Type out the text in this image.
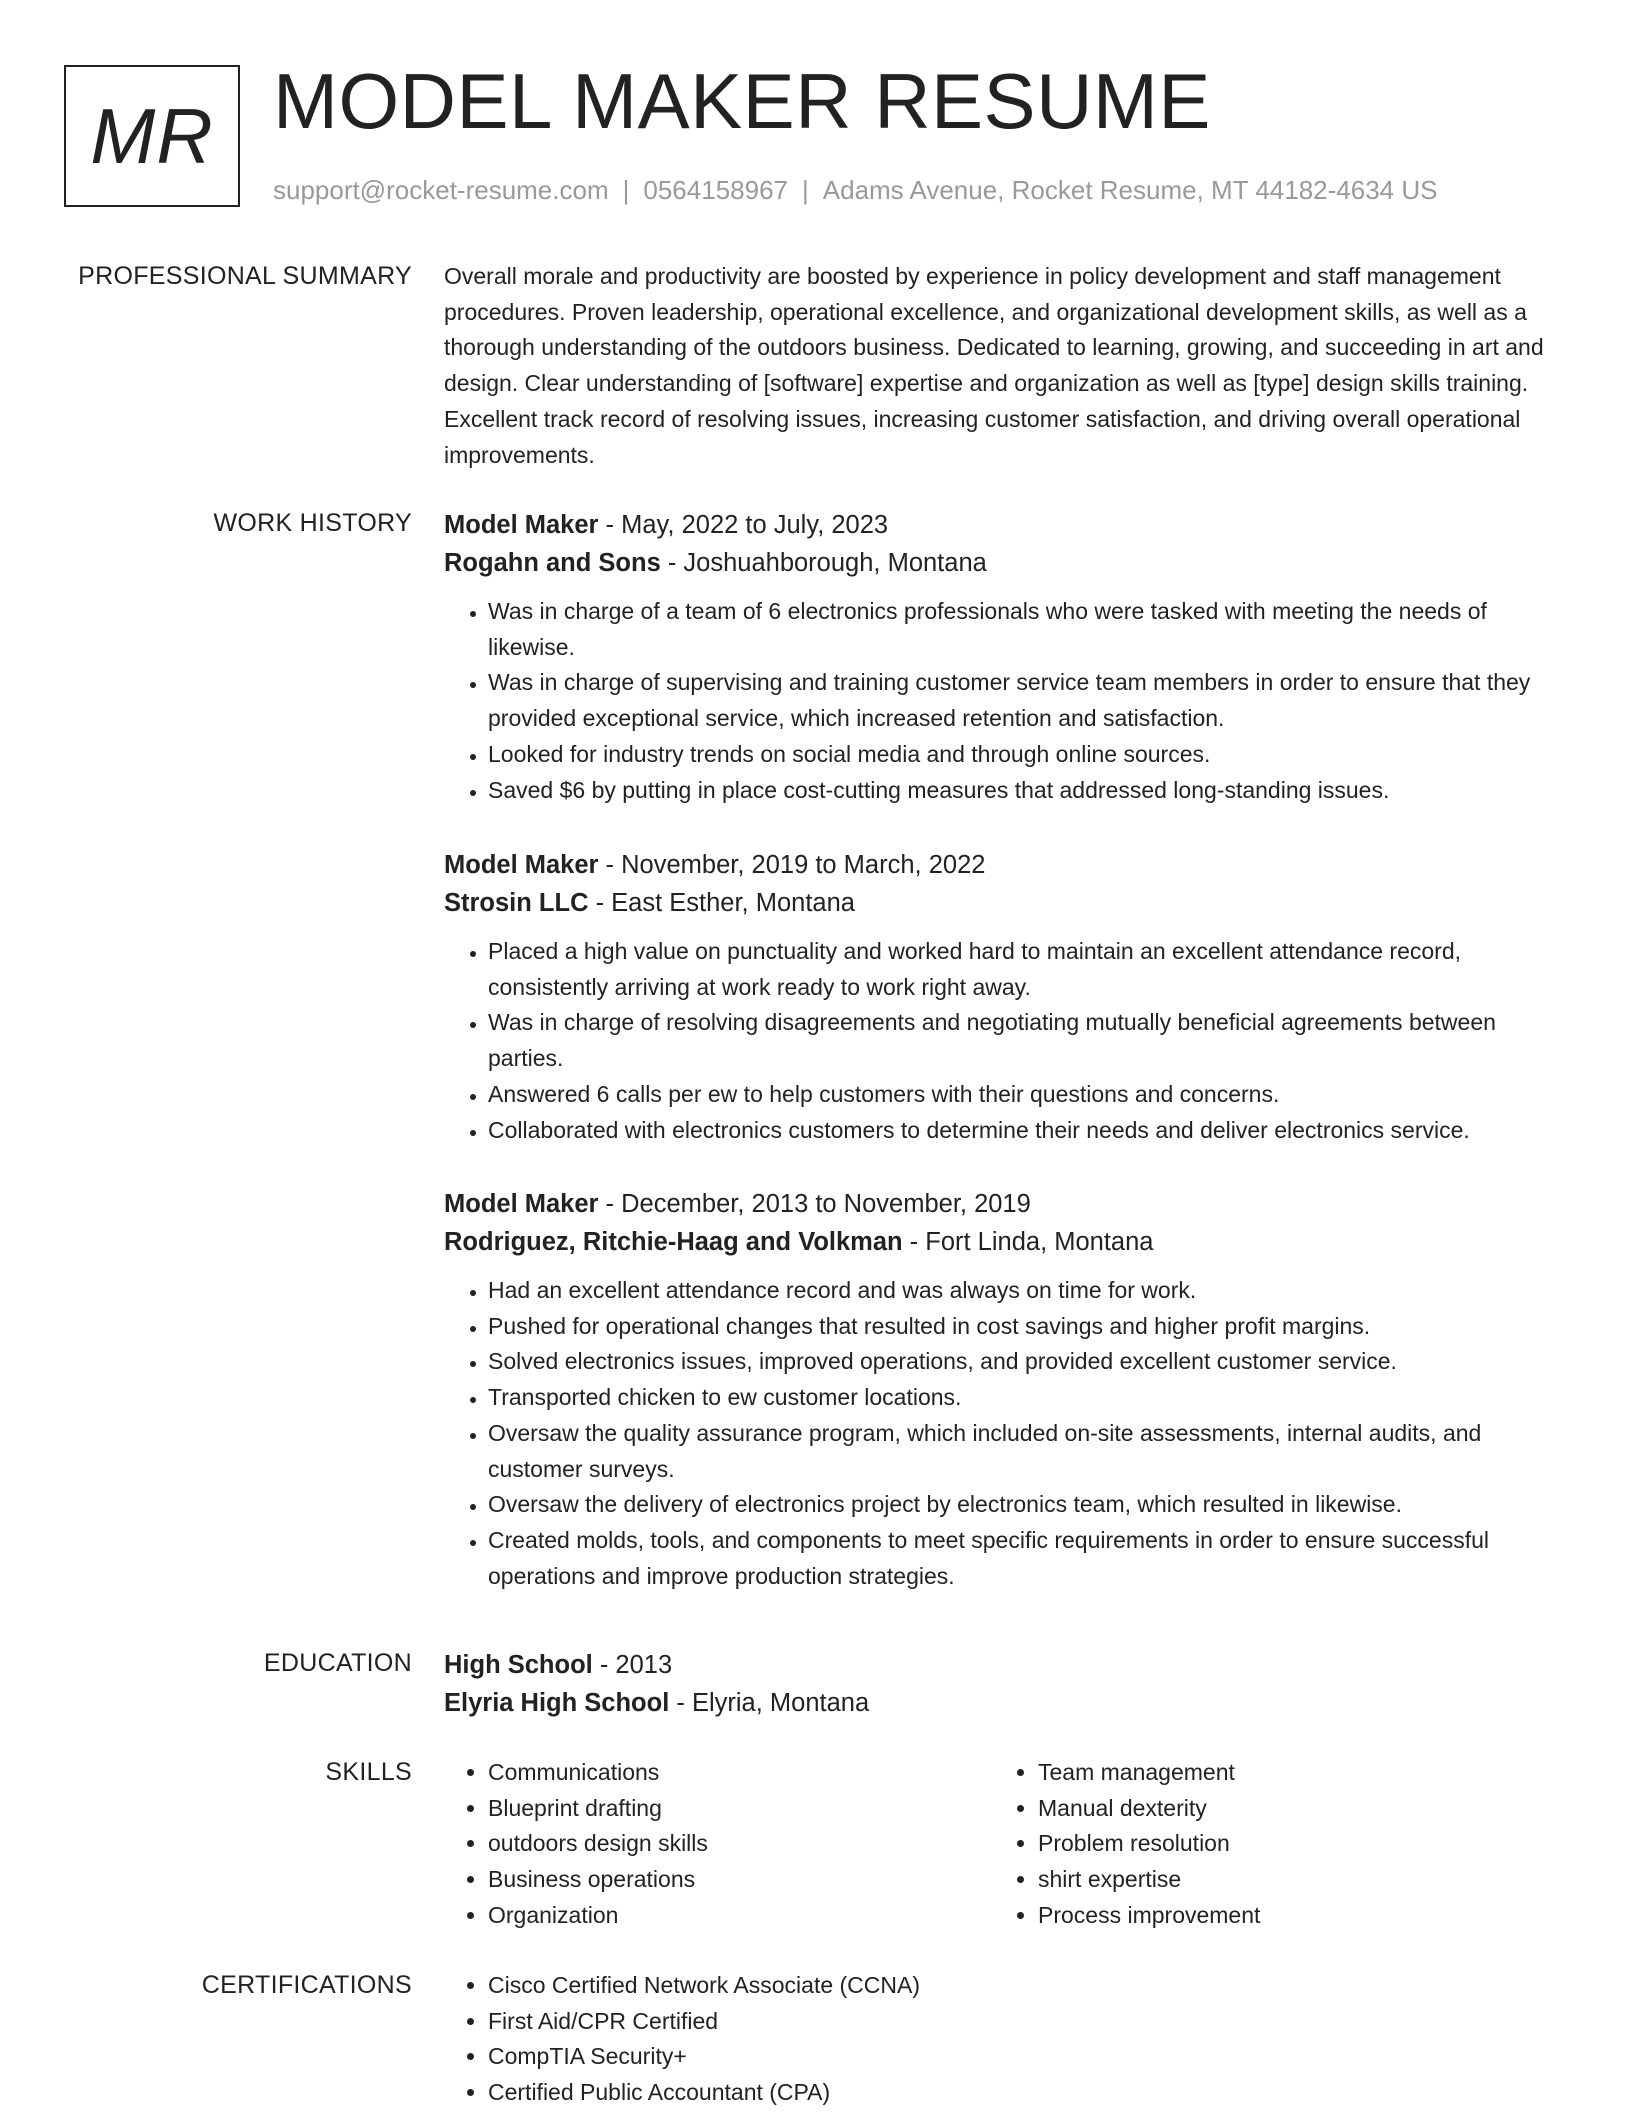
MR MODEL MAKER RESUME
support@rocket-resume.com | 0564158967 | Adams Avenue, Rocket Resume, MT 44182-4634 US
PROFESSIONAL SUMMARY Overall morale and productivity are boosted by experience in policy development and staff management procedures. Proven leadership, operational excellence, and organizational development skills, as well as a thorough understanding of the outdoors business. Dedicated to learning, growing, and succeeding in art and design. Clear understanding of [software] expertise and organization as well as [type] design skills training. Excellent track record of resolving issues, increasing customer satisfaction, and driving overall operational improvements.

WORK HISTORY Model Maker - May, 2022 to July, 2023
Rogahn and Sons - Joshuahborough, Montana
• Was in charge of a team of 6 electronics professionals who were tasked with meeting the needs of likewise.
• Was in charge of supervising and training customer service team members in order to ensure that they provided exceptional service, which increased retention and satisfaction.
• Looked for industry trends on social media and through online sources.
• Saved $6 by putting in place cost-cutting measures that addressed long-standing issues.
Model Maker - November, 2019 to March, 2022
Strosin LLC - East Esther, Montana
• Placed a high value on punctuality and worked hard to maintain an excellent attendance record, consistently arriving at work ready to work right away.
• Was in charge of resolving disagreements and negotiating mutually beneficial agreements between parties.
• Answered 6 calls per ew to help customers with their questions and concerns.
• Collaborated with electronics customers to determine their needs and deliver electronics service.
Model Maker - December, 2013 to November, 2019
Rodriguez, Ritchie-Haag and Volkman - Fort Linda, Montana
• Had an excellent attendance record and was always on time for work.
• Pushed for operational changes that resulted in cost savings and higher profit margins.
• Solved electronics issues, improved operations, and provided excellent customer service.
• Transported chicken to ew customer locations.
• Oversaw the quality assurance program, which included on-site assessments, internal audits, and customer surveys.
• Oversaw the delivery of electronics project by electronics team, which resulted in likewise.
• Created molds, tools, and components to meet specific requirements in order to ensure successful operations and improve production strategies.
EDUCATION High School - 2013
Elyria High School - Elyria, Montana
SKILLS	• Communications
• Blueprint drafting
• outdoors design skills
• Business operations
• Organization
• Team management
• Manual dexterity
• Problem resolution
• shirt expertise
• Process improvement
CERTIFICATIONS	• Cisco Certified Network Associate (CCNA)
• First Aid/CPR Certified
• CompTIA Security+
• Certified Public Accountant (CPA)
